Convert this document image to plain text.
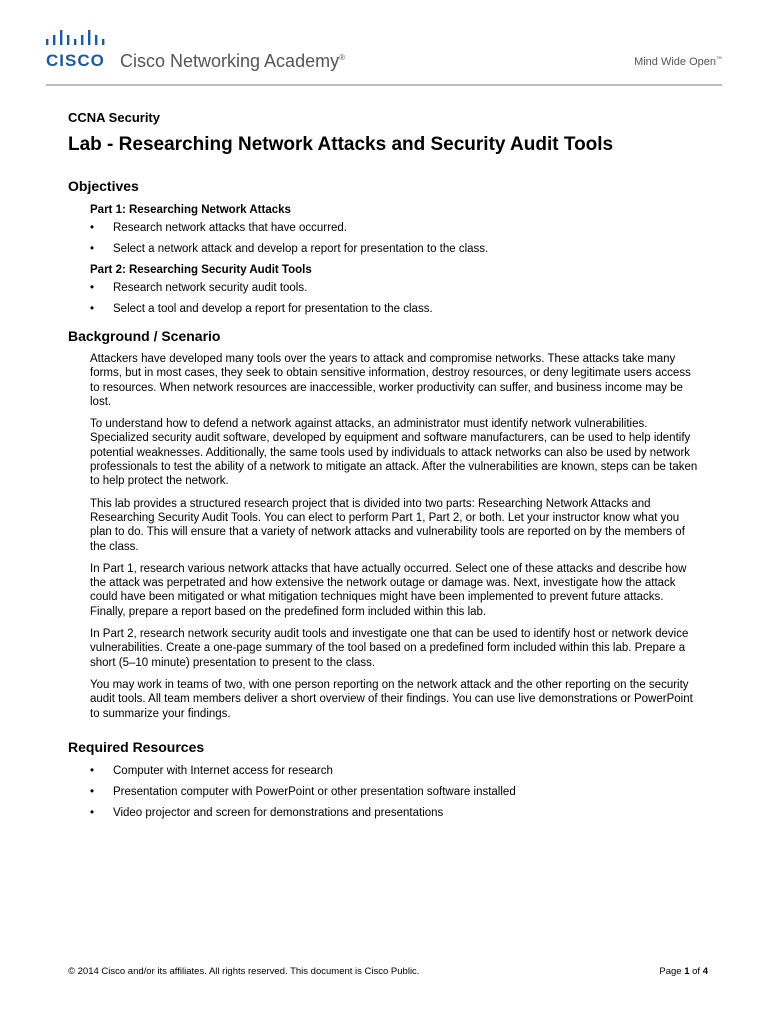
CISCO Cisco Networking Academy®	Mind Wide Open™

CCNA Security

Lab - Researching Network Attacks and Security Audit Tools

Objectives

Part 1: Researching Network Attacks

• Research network attacks that have occurred.
• Select a network attack and develop a report for presentation to the class.

Part 2: Researching Security Audit Tools

• Research network security audit tools.
• Select a tool and develop a report for presentation to the class.

Background / Scenario

Attackers have developed many tools over the years to attack and compromise networks. These attacks take many forms, but in most cases, they seek to obtain sensitive information, destroy resources, or deny legitimate users access to resources. When network resources are inaccessible, worker productivity can suffer, and business income may be lost.

To understand how to defend a network against attacks, an administrator must identify network vulnerabilities. Specialized security audit software, developed by equipment and software manufacturers, can be used to help identify potential weaknesses. Additionally, the same tools used by individuals to attack networks can also be used by network professionals to test the ability of a network to mitigate an attack. After the vulnerabilities are known, steps can be taken to help protect the network.

This lab provides a structured research project that is divided into two parts: Researching Network Attacks and Researching Security Audit Tools. You can elect to perform Part 1, Part 2, or both. Let your instructor know what you plan to do. This will ensure that a variety of network attacks and vulnerability tools are reported on by the members of the class.

In Part 1, research various network attacks that have actually occurred. Select one of these attacks and describe how the attack was perpetrated and how extensive the network outage or damage was. Next, investigate how the attack could have been mitigated or what mitigation techniques might have been implemented to prevent future attacks. Finally, prepare a report based on the predefined form included within this lab.

In Part 2, research network security audit tools and investigate one that can be used to identify host or network device vulnerabilities. Create a one-page summary of the tool based on a predefined form included within this lab. Prepare a short (5–10 minute) presentation to present to the class.

You may work in teams of two, with one person reporting on the network attack and the other reporting on the security audit tools. All team members deliver a short overview of their findings. You can use live demonstrations or PowerPoint to summarize your findings.

Required Resources

• Computer with Internet access for research
• Presentation computer with PowerPoint or other presentation software installed
• Video projector and screen for demonstrations and presentations
© 2014 Cisco and/or its affiliates. All rights reserved. This document is Cisco Public.	Page 1 of 4
